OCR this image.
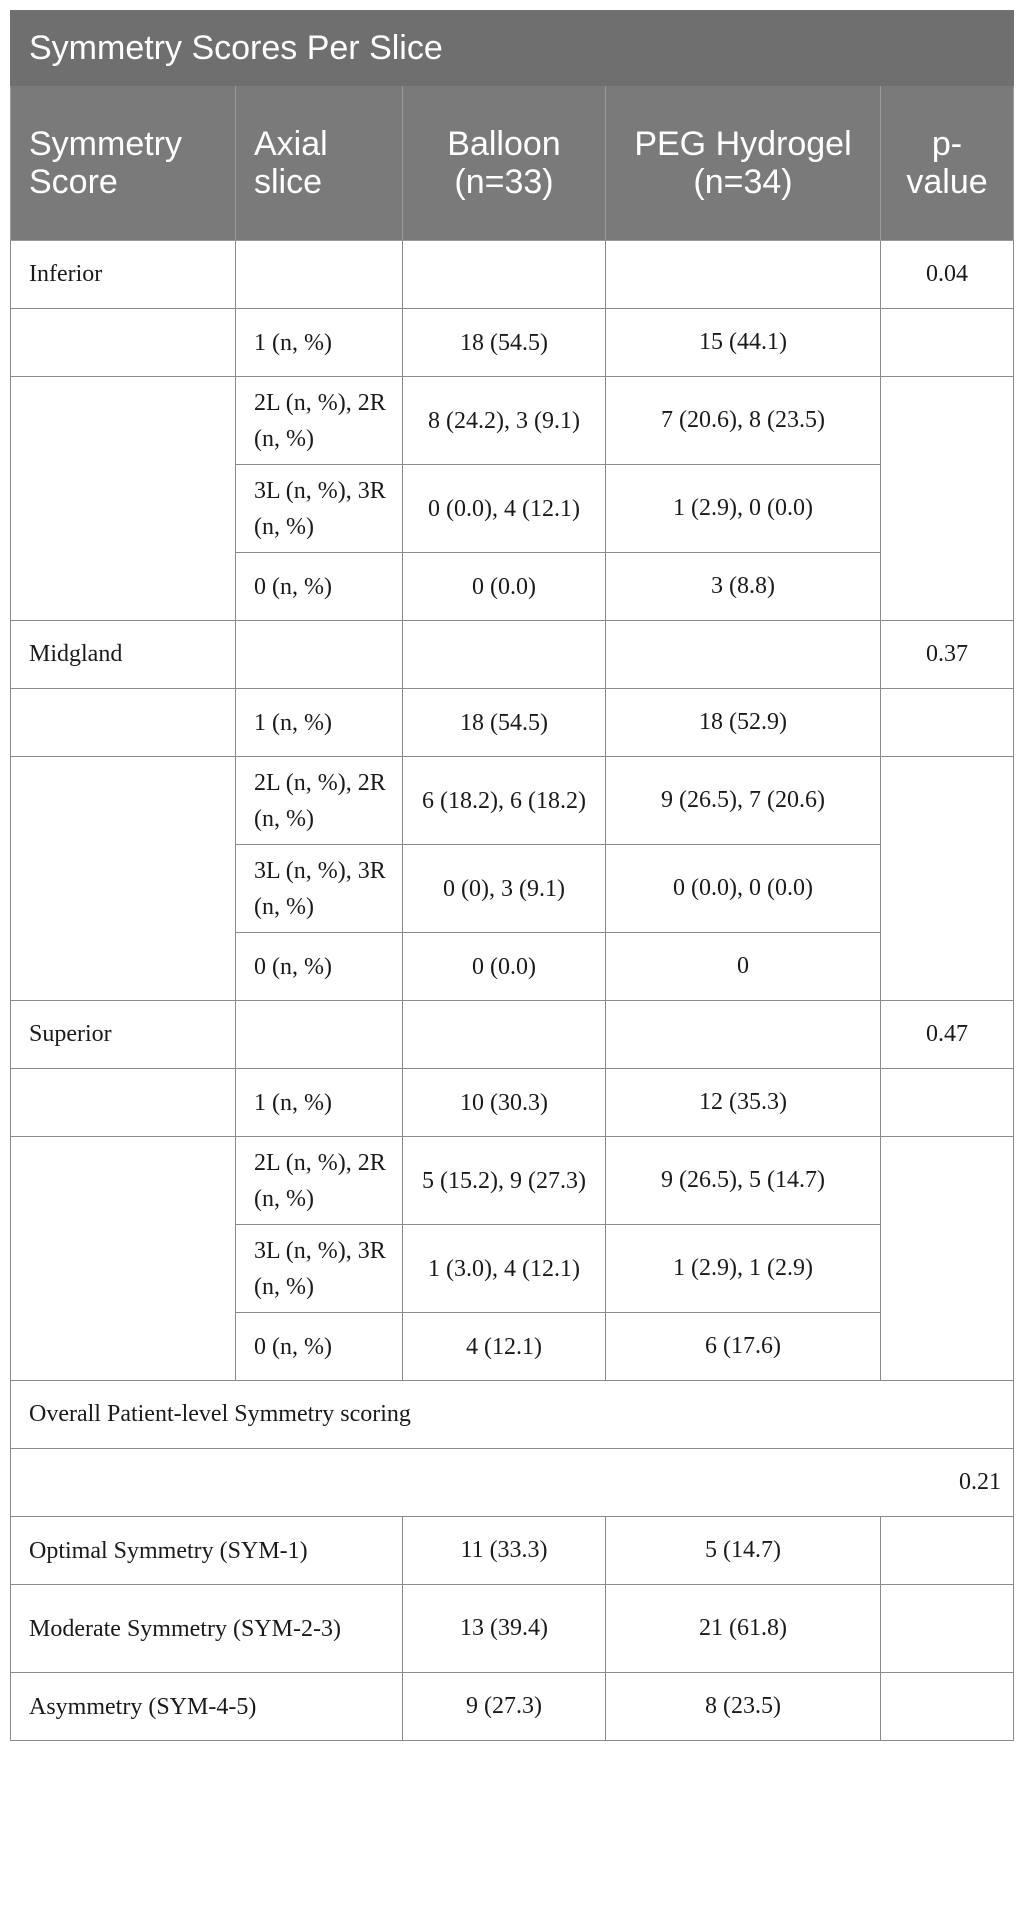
Symmetry Scores Per Slice				
Symmetry Score	Axial slice	Balloon (n=33)	PEG Hydrogel (n=34)	p-value
Inferior				0.04
	1 (n, %)	18 (54.5)	15 (44.1)	
	2L (n, %), 2R (n, %)	8 (24.2), 3 (9.1)	7 (20.6), 8 (23.5)	
	3L (n, %), 3R (n, %)	0 (0.0), 4 (12.1)	1 (2.9), 0 (0.0)	
	0 (n, %)	0 (0.0)	3 (8.8)	
Midgland				0.37
	1 (n, %)	18 (54.5)	18 (52.9)	
	2L (n, %), 2R (n, %)	6 (18.2), 6 (18.2)	9 (26.5), 7 (20.6)	
	3L (n, %), 3R (n, %)	0 (0), 3 (9.1)	0 (0.0), 0 (0.0)	
	0 (n, %)	0 (0.0)	0	
Superior				0.47
	1 (n, %)	10 (30.3)	12 (35.3)	
	2L (n, %), 2R (n, %)	5 (15.2), 9 (27.3)	9 (26.5), 5 (14.7)	
	3L (n, %), 3R (n, %)	1 (3.0), 4 (12.1)	1 (2.9), 1 (2.9)	
	0 (n, %)	4 (12.1)	6 (17.6)	
Overall Patient-level Symmetry scoring				
0.21				
Optimal Symmetry (SYM-1)		11 (33.3)	5 (14.7)	
Moderate Symmetry (SYM-2-3)		13 (39.4)	21 (61.8)	
Asymmetry (SYM-4-5)		9 (27.3)	8 (23.5)	
